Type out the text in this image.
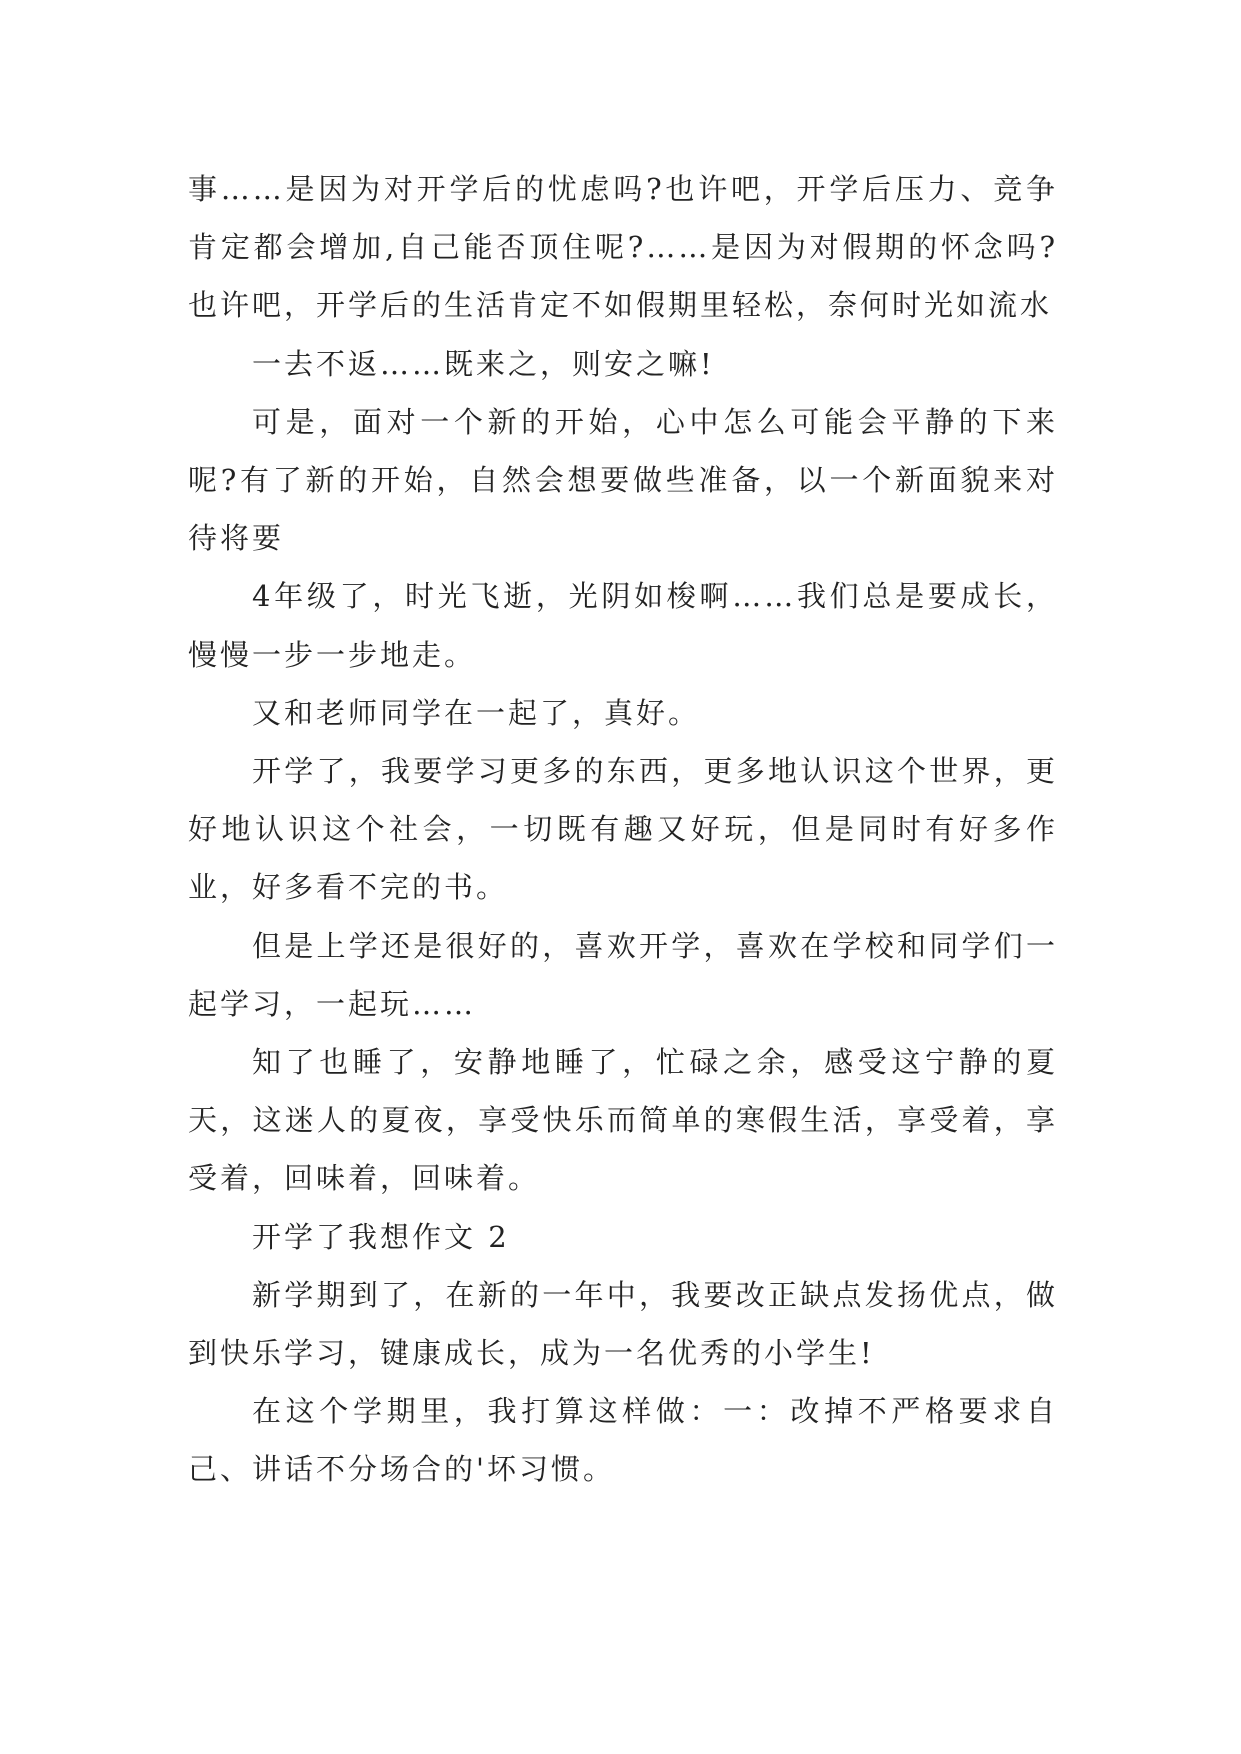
事……是因为对开学后的忧虑吗?也许吧，开学后压力、竞争肯定都会增加,自己能否顶住呢?……是因为对假期的怀念吗?也许吧，开学后的生活肯定不如假期里轻松，奈何时光如流水

一去不返……既来之，则安之嘛!

可是，面对一个新的开始，心中怎么可能会平静的下来呢?有了新的开始，自然会想要做些准备，以一个新面貌来对待将要

4年级了，时光飞逝，光阴如梭啊……我们总是要成长，慢慢一步一步地走。

又和老师同学在一起了，真好。

开学了，我要学习更多的东西，更多地认识这个世界，更好地认识这个社会，一切既有趣又好玩，但是同时有好多作业，好多看不完的书。

但是上学还是很好的，喜欢开学，喜欢在学校和同学们一起学习，一起玩……

知了也睡了，安静地睡了，忙碌之余，感受这宁静的夏天，这迷人的夏夜，享受快乐而简单的寒假生活，享受着，享受着，回味着，回味着。

开学了我想作文 2

新学期到了，在新的一年中，我要改正缺点发扬优点，做到快乐学习，键康成长，成为一名优秀的小学生!

在这个学期里，我打算这样做：一：改掉不严格要求自己、讲话不分场合的'坏习惯。
